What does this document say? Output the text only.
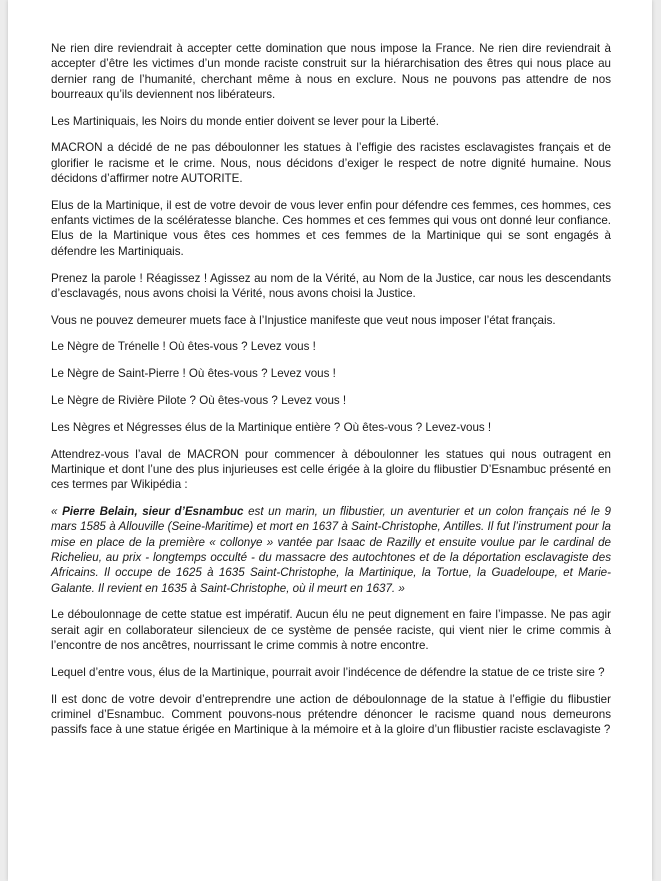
Ne rien dire reviendrait à accepter cette domination que nous impose la France. Ne rien dire reviendrait à accepter d’être les victimes d’un monde raciste construit sur la hiérarchisation des êtres qui nous place au dernier rang de l’humanité, cherchant même à nous en exclure. Nous ne pouvons pas attendre de nos bourreaux qu’ils deviennent nos libérateurs.

Les Martiniquais, les Noirs du monde entier doivent se lever pour la Liberté.

MACRON a décidé de ne pas déboulonner les statues à l’effigie des racistes esclavagistes français et de glorifier le racisme et le crime. Nous, nous décidons d’exiger le respect de notre dignité humaine. Nous décidons d’affirmer notre AUTORITE.

Elus de la Martinique, il est de votre devoir de vous lever enfin pour défendre ces femmes, ces hommes, ces enfants victimes de la scélératesse blanche. Ces hommes et ces femmes qui vous ont donné leur confiance. Elus de la Martinique vous êtes ces hommes et ces femmes de la Martinique qui se sont engagés à défendre les Martiniquais.

Prenez la parole ! Réagissez ! Agissez au nom de la Vérité, au Nom de la Justice, car nous les descendants d’esclavagés, nous avons choisi la Vérité, nous avons choisi la Justice.

Vous ne pouvez demeurer muets face à l’Injustice manifeste que veut nous imposer l’état français.

Le Nègre de Trénelle ! Où êtes-vous ? Levez vous !

Le Nègre de Saint-Pierre ! Où êtes-vous ? Levez vous !

Le Nègre de Rivière Pilote ? Où êtes-vous ? Levez vous !

Les Nègres et Négresses élus de la Martinique entière ? Où êtes-vous ? Levez-vous !

Attendrez-vous l’aval de MACRON pour commencer à déboulonner les statues qui nous outragent en Martinique et dont l’une des plus injurieuses est celle érigée à la gloire du flibustier D’Esnambuc présenté en ces termes par Wikipédia :

« Pierre Belain, sieur d’Esnambuc est un marin, un flibustier, un aventurier et un colon français né le 9 mars 1585 à Allouville (Seine-Maritime) et mort en 1637 à Saint-Christophe, Antilles. Il fut l’instrument pour la mise en place de la première « collonye » vantée par Isaac de Razilly et ensuite voulue par le cardinal de Richelieu, au prix - longtemps occulté - du massacre des autochtones et de la déportation esclavagiste des Africains. Il occupe de 1625 à 1635 Saint-Christophe, la Martinique, la Tortue, la Guadeloupe, et Marie-Galante. Il revient en 1635 à Saint-Christophe, où il meurt en 1637. »

Le déboulonnage de cette statue est impératif. Aucun élu ne peut dignement en faire l’impasse. Ne pas agir serait agir en collaborateur silencieux de ce système de pensée raciste, qui vient nier le crime commis à l’encontre de nos ancêtres, nourrissant le crime commis à notre encontre.

Lequel d’entre vous, élus de la Martinique, pourrait avoir l’indécence de défendre la statue de ce triste sire ?

Il est donc de votre devoir d’entreprendre une action de déboulonnage de la statue à l’effigie du flibustier criminel d’Esnambuc. Comment pouvons-nous prétendre dénoncer le racisme quand nous demeurons passifs face à une statue érigée en Martinique à la mémoire et à la gloire d’un flibustier raciste esclavagiste ?
